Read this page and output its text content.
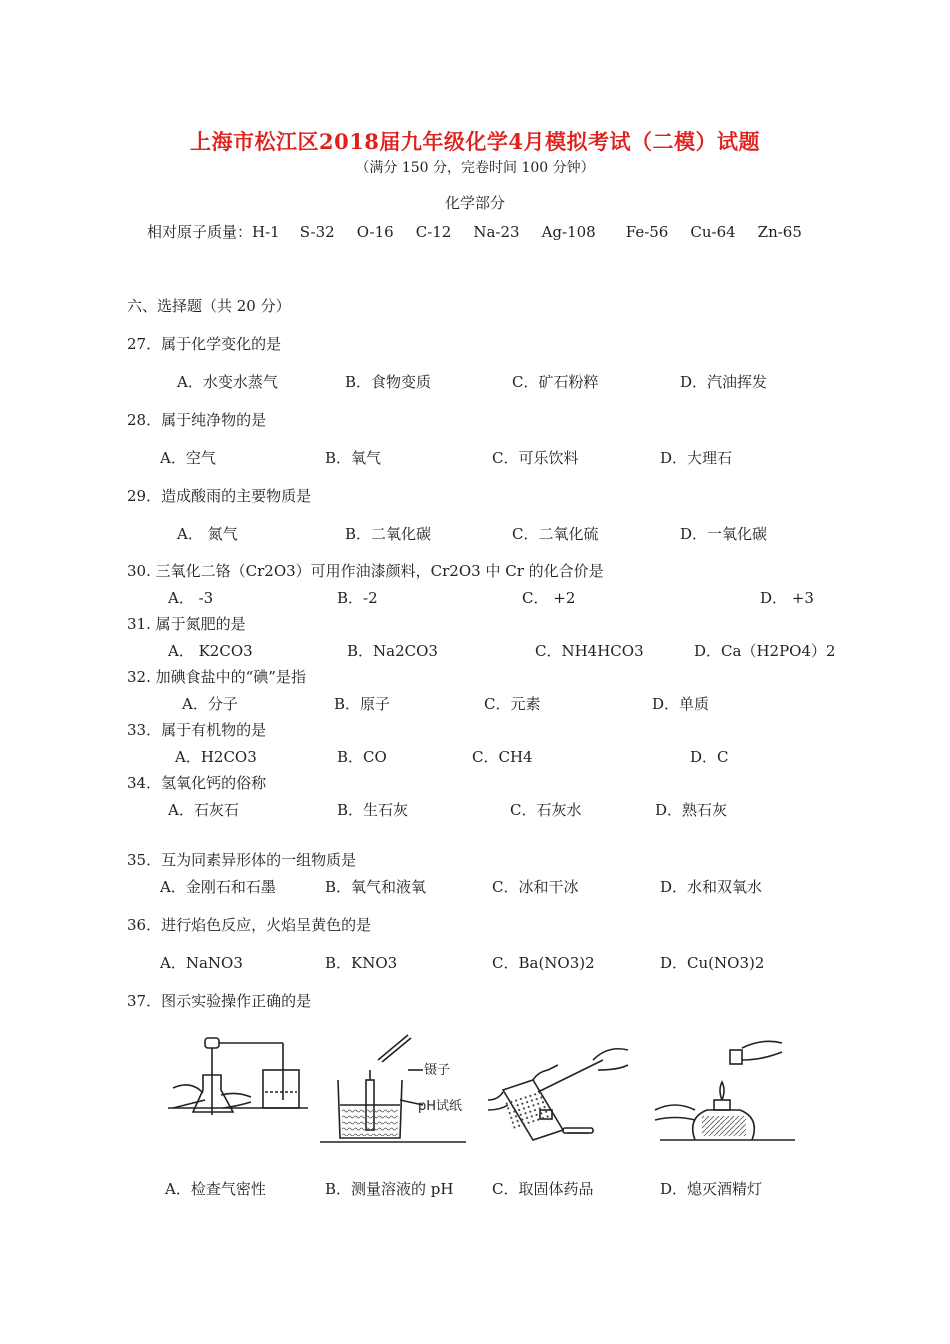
上海市松江区2018届九年级化学4月模拟考试（二模）试题
（满分 150 分，完卷时间 100 分钟）
化学部分
相对原子质量：H-1 S-32 O-16 C-12 Na-23 Ag-108 Fe-56 Cu-64 Zn-65
六、选择题（共 20 分）
27．属于化学变化的是
A．水变水蒸气	B．食物变质	C．矿石粉粹	D．汽油挥发
28．属于纯净物的是
A．空气	B．氧气	C．可乐饮料	D．大理石
29．造成酸雨的主要物质是
A． 氮气	B．二氧化碳	C．二氧化硫	D．一氧化碳
30. 三氧化二铬（Cr2O3）可用作油漆颜料，Cr2O3 中 Cr 的化合价是
A． -3	B．-2	C． +2	D． +3
31. 属于氮肥的是
A． K2CO3	B．Na2CO3	C．NH4HCO3	D．Ca（H2PO4）2
32. 加碘食盐中的“碘”是指
A．分子	B．原子	C．元素	D．单质
33．属于有机物的是
A．H2CO3	B．CO	C．CH4	D．C
34．氢氧化钙的俗称
A．石灰石	B．生石灰	C．石灰水	D．熟石灰
35．互为同素异形体的一组物质是
A．金刚石和石墨	B．氧气和液氧	C．冰和干冰	D．水和双氧水
36．进行焰色反应，火焰呈黄色的是
A．NaNO3	B．KNO3	C．Ba(NO3)2	D．Cu(NO3)2
37．图示实验操作正确的是
镊子
pH试纸
A．检查气密性	B．测量溶液的 pH	C．取固体药品	D．熄灭酒精灯
